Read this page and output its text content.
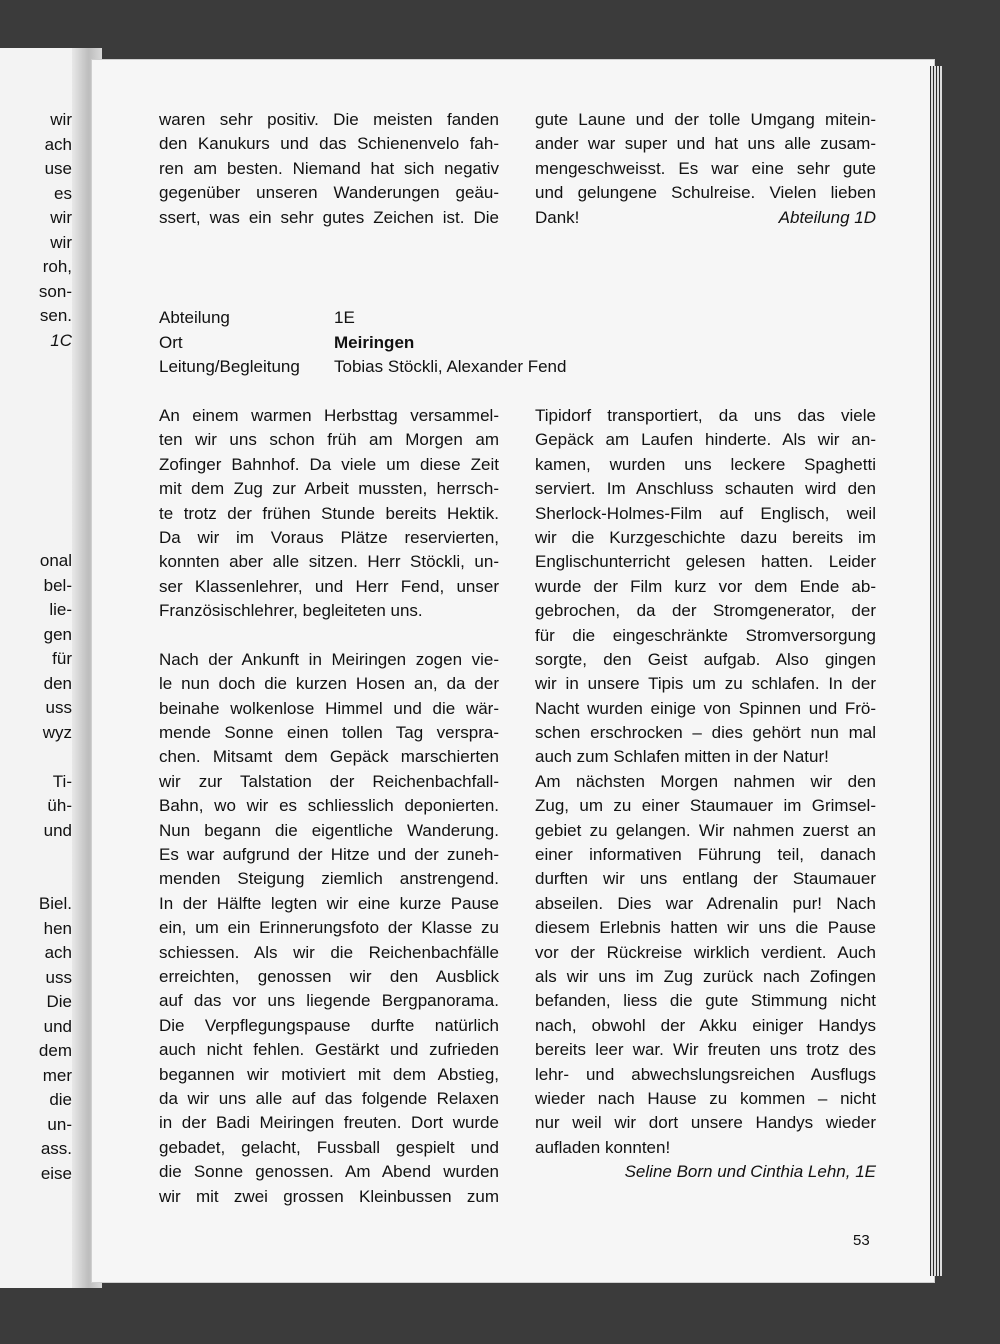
wir
ach
use
es
wir
wir
roh,
son-
sen.
1C
onal
bel-
lie-
gen
für
den
uss
wyz
Ti-
üh-
und
Biel.
hen
ach
uss
Die
und
dem
mer
die
un-
ass.
eise
waren sehr positiv. Die meisten fanden
den Kanukurs und das Schienenvelo fah-
ren am besten. Niemand hat sich negativ
gegenüber unseren Wanderungen geäu-
ssert, was ein sehr gutes Zeichen ist. Die
gute Laune und der tolle Umgang mitein-
ander war super und hat uns alle zusam-
mengeschweisst. Es war eine sehr gute
und gelungene Schulreise. Vielen lieben
Dank!	Abteilung 1D
Abteilung	1E
Ort	Meiringen
Leitung/Begleitung	Tobias Stöckli, Alexander Fend
An einem warmen Herbsttag versammel-
ten wir uns schon früh am Morgen am
Zofinger Bahnhof. Da viele um diese Zeit
mit dem Zug zur Arbeit mussten, herrsch-
te trotz der frühen Stunde bereits Hektik.
Da wir im Voraus Plätze reservierten,
konnten aber alle sitzen. Herr Stöckli, un-
ser Klassenlehrer, und Herr Fend, unser
Französischlehrer, begleiteten uns.
Nach der Ankunft in Meiringen zogen vie-
le nun doch die kurzen Hosen an, da der
beinahe wolkenlose Himmel und die wär-
mende Sonne einen tollen Tag verspra-
chen. Mitsamt dem Gepäck marschierten
wir zur Talstation der Reichenbachfall-
Bahn, wo wir es schliesslich deponierten.
Nun begann die eigentliche Wanderung.
Es war aufgrund der Hitze und der zuneh-
menden Steigung ziemlich anstrengend.
In der Hälfte legten wir eine kurze Pause
ein, um ein Erinnerungsfoto der Klasse zu
schiessen. Als wir die Reichenbachfälle
erreichten, genossen wir den Ausblick
auf das vor uns liegende Bergpanorama.
Die Verpflegungspause durfte natürlich
auch nicht fehlen. Gestärkt und zufrieden
begannen wir motiviert mit dem Abstieg,
da wir uns alle auf das folgende Relaxen
in der Badi Meiringen freuten. Dort wurde
gebadet, gelacht, Fussball gespielt und
die Sonne genossen. Am Abend wurden
wir mit zwei grossen Kleinbussen zum
Tipidorf transportiert, da uns das viele
Gepäck am Laufen hinderte. Als wir an-
kamen, wurden uns leckere Spaghetti
serviert. Im Anschluss schauten wird den
Sherlock-Holmes-Film auf Englisch, weil
wir die Kurzgeschichte dazu bereits im
Englischunterricht gelesen hatten. Leider
wurde der Film kurz vor dem Ende ab-
gebrochen, da der Stromgenerator, der
für die eingeschränkte Stromversorgung
sorgte, den Geist aufgab. Also gingen
wir in unsere Tipis um zu schlafen. In der
Nacht wurden einige von Spinnen und Frö-
schen erschrocken – dies gehört nun mal
auch zum Schlafen mitten in der Natur!
Am nächsten Morgen nahmen wir den
Zug, um zu einer Staumauer im Grimsel-
gebiet zu gelangen. Wir nahmen zuerst an
einer informativen Führung teil, danach
durften wir uns entlang der Staumauer
abseilen. Dies war Adrenalin pur! Nach
diesem Erlebnis hatten wir uns die Pause
vor der Rückreise wirklich verdient. Auch
als wir uns im Zug zurück nach Zofingen
befanden, liess die gute Stimmung nicht
nach, obwohl der Akku einiger Handys
bereits leer war. Wir freuten uns trotz des
lehr- und abwechslungsreichen Ausflugs
wieder nach Hause zu kommen – nicht
nur weil wir dort unsere Handys wieder
aufladen konnten!
Seline Born und Cinthia Lehn, 1E
53
